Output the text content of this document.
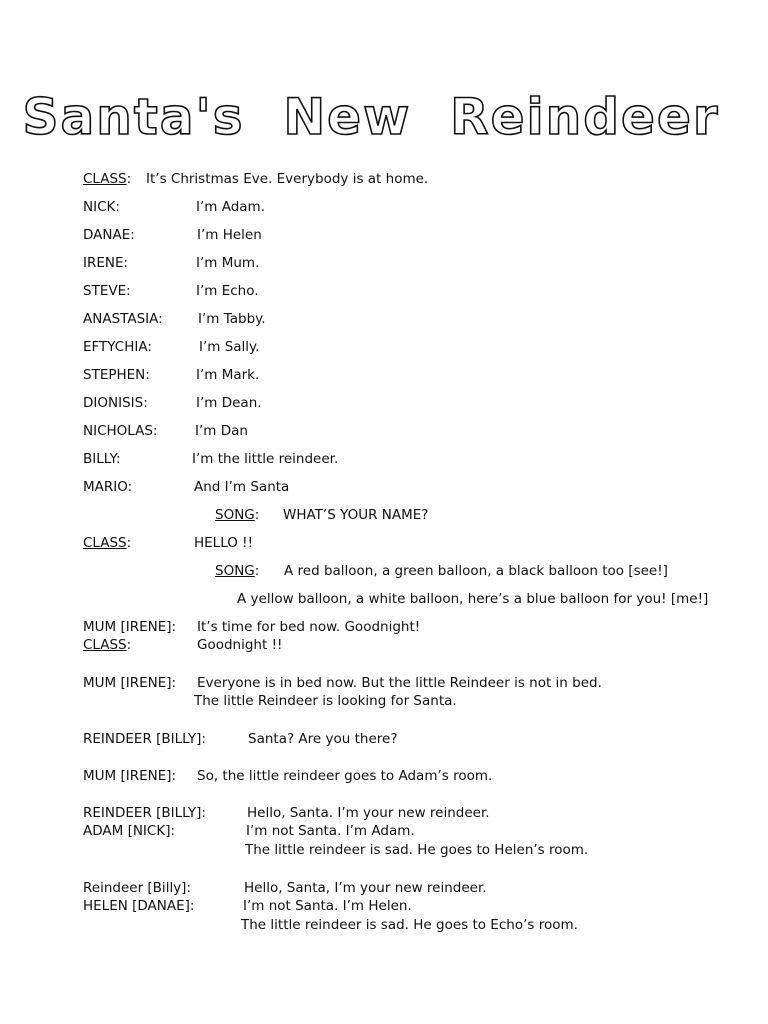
Santa's  New  Reindeer
CLASS: It’s Christmas Eve. Everybody is at home.
NICK:	I’m Adam.
DANAE:	I’m Helen
IRENE:	I’m Mum.
STEVE:	I’m Echo.
ANASTASIA:	I’m Tabby.
EFTYCHIA:	I’m Sally.
STEPHEN:	I’m Mark.
DIONISIS:	I’m Dean.
NICHOLAS:	I’m Dan
BILLY:	I’m the little reindeer.
MARIO:	And I’m Santa
SONG: WHAT’S YOUR NAME?
CLASS:	HELLO !!
SONG: A red balloon, a green balloon, a black balloon too [see!]
A yellow balloon, a white balloon, here’s a blue balloon for you! [me!]
MUM [IRENE]: It’s time for bed now. Goodnight!
CLASS:	Goodnight !!
MUM [IRENE]: Everyone is in bed now. But the little Reindeer is not in bed.
The little Reindeer is looking for Santa.
REINDEER [BILLY]:	Santa? Are you there?
MUM [IRENE]: So, the little reindeer goes to Adam’s room.
REINDEER [BILLY]:	Hello, Santa. I’m your new reindeer.
ADAM [NICK]:	I’m not Santa. I’m Adam.
The little reindeer is sad. He goes to Helen’s room.
Reindeer [Billy]:	Hello, Santa, I’m your new reindeer.
HELEN [DANAE]:	I’m not Santa. I’m Helen.
The little reindeer is sad. He goes to Echo’s room.
